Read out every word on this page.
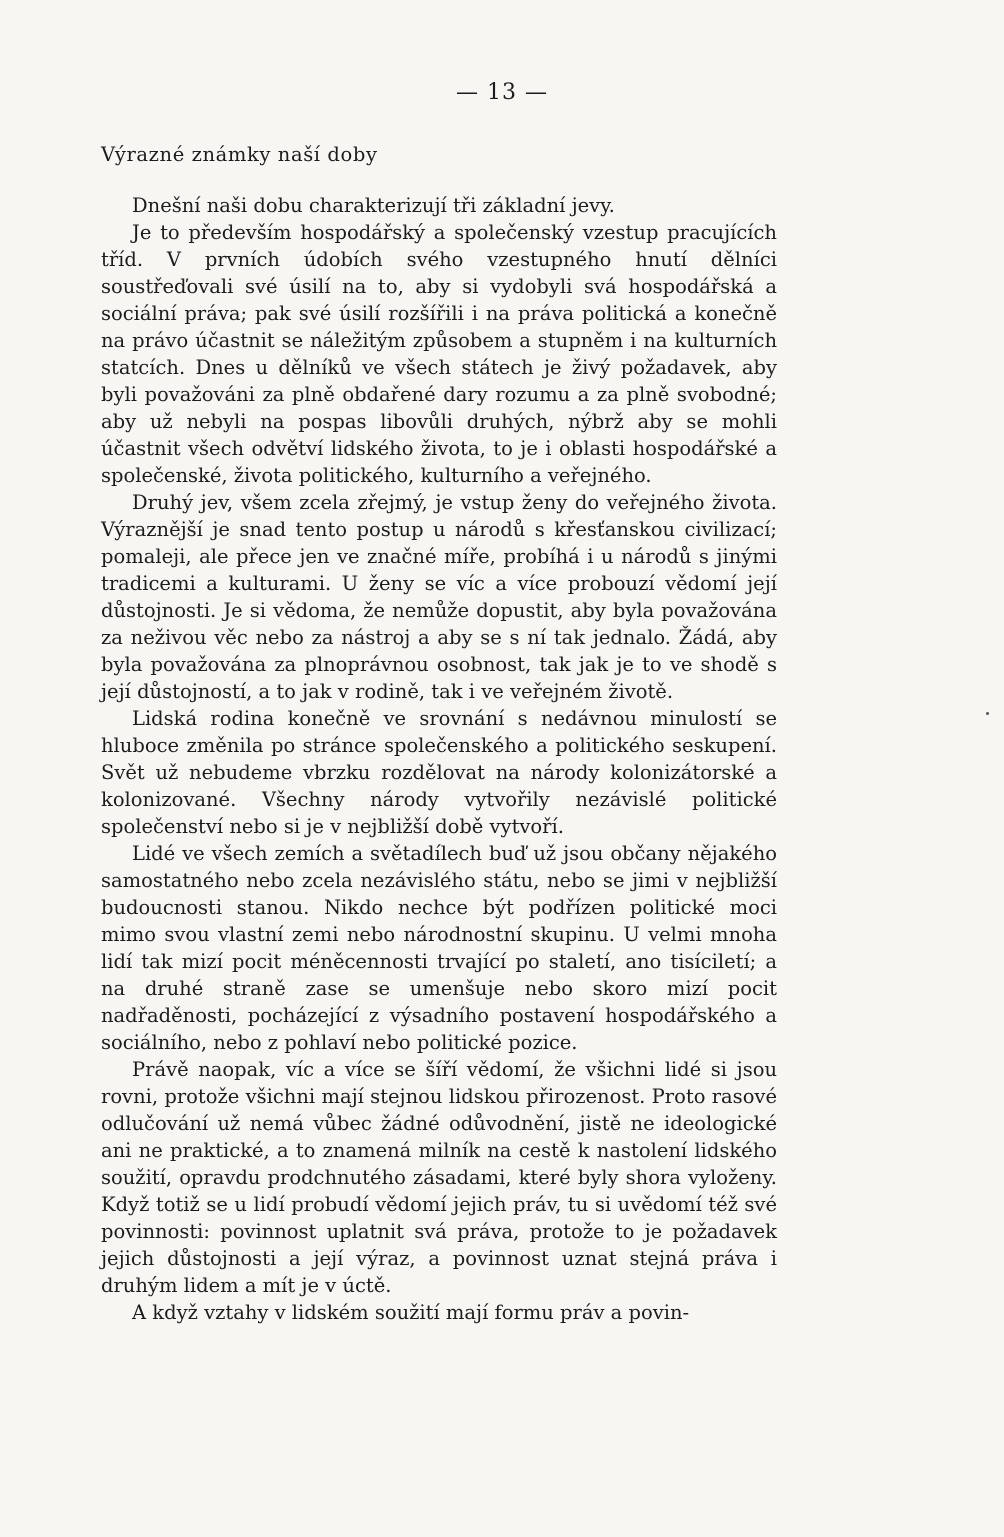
— 13 —
Výrazné známky naší doby

Dnešní naši dobu charakterizují tři základní jevy.

Je to především hospodářský a společenský vzestup pracujících tříd. V prvních údobích svého vzestupného hnutí dělníci soustřeďovali své úsilí na to, aby si vydobyli svá hospodářská a sociální práva; pak své úsilí rozšířili i na práva politická a konečně na právo účastnit se náležitým způsobem a stupněm i na kulturních statcích. Dnes u dělníků ve všech státech je živý požadavek, aby byli považováni za plně obdařené dary rozumu a za plně svobodné; aby už nebyli na pospas libovůli druhých, nýbrž aby se mohli účastnit všech odvětví lidského života, to je i oblasti hospodářské a společenské, života politického, kulturního a veřejného.

Druhý jev, všem zcela zřejmý, je vstup ženy do veřejného života. Výraznější je snad tento postup u národů s křesťanskou civilizací; pomaleji, ale přece jen ve značné míře, probíhá i u národů s jinými tradicemi a kulturami. U ženy se víc a více probouzí vědomí její důstojnosti. Je si vědoma, že nemůže dopustit, aby byla považována za neživou věc nebo za nástroj a aby se s ní tak jednalo. Žádá, aby byla považována za plnoprávnou osobnost, tak jak je to ve shodě s její důstojností, a to jak v rodině, tak i ve veřejném životě.

Lidská rodina konečně ve srovnání s nedávnou minulostí se hluboce změnila po stránce společenského a politického seskupení. Svět už nebudeme vbrzku rozdělovat na národy kolonizátorské a kolonizované. Všechny národy vytvořily nezávislé politické společenství nebo si je v nejbližší době vytvoří.

Lidé ve všech zemích a světadílech buď už jsou občany nějakého samostatného nebo zcela nezávislého státu, nebo se jimi v nejbližší budoucnosti stanou. Nikdo nechce být podřízen politické moci mimo svou vlastní zemi nebo národnostní skupinu. U velmi mnoha lidí tak mizí pocit méněcennosti trvající po staletí, ano tisíciletí; a na druhé straně zase se umenšuje nebo skoro mizí pocit nadřaděnosti, pocházející z výsadního postavení hospodářského a sociálního, nebo z pohlaví nebo politické pozice.

Právě naopak, víc a více se šíří vědomí, že všichni lidé si jsou rovni, protože všichni mají stejnou lidskou přirozenost. Proto rasové odlučování už nemá vůbec žádné odůvodnění, jistě ne ideologické ani ne praktické, a to znamená milník na cestě k nastolení lidského soužití, opravdu prodchnutého zásadami, které byly shora vyloženy. Když totiž se u lidí probudí vědomí jejich práv, tu si uvědomí též své povinnosti: povinnost uplatnit svá práva, protože to je požadavek jejich důstojnosti a její výraz, a povinnost uznat stejná práva i druhým lidem a mít je v úctě.

A když vztahy v lidském soužití mají formu práv a povin-
